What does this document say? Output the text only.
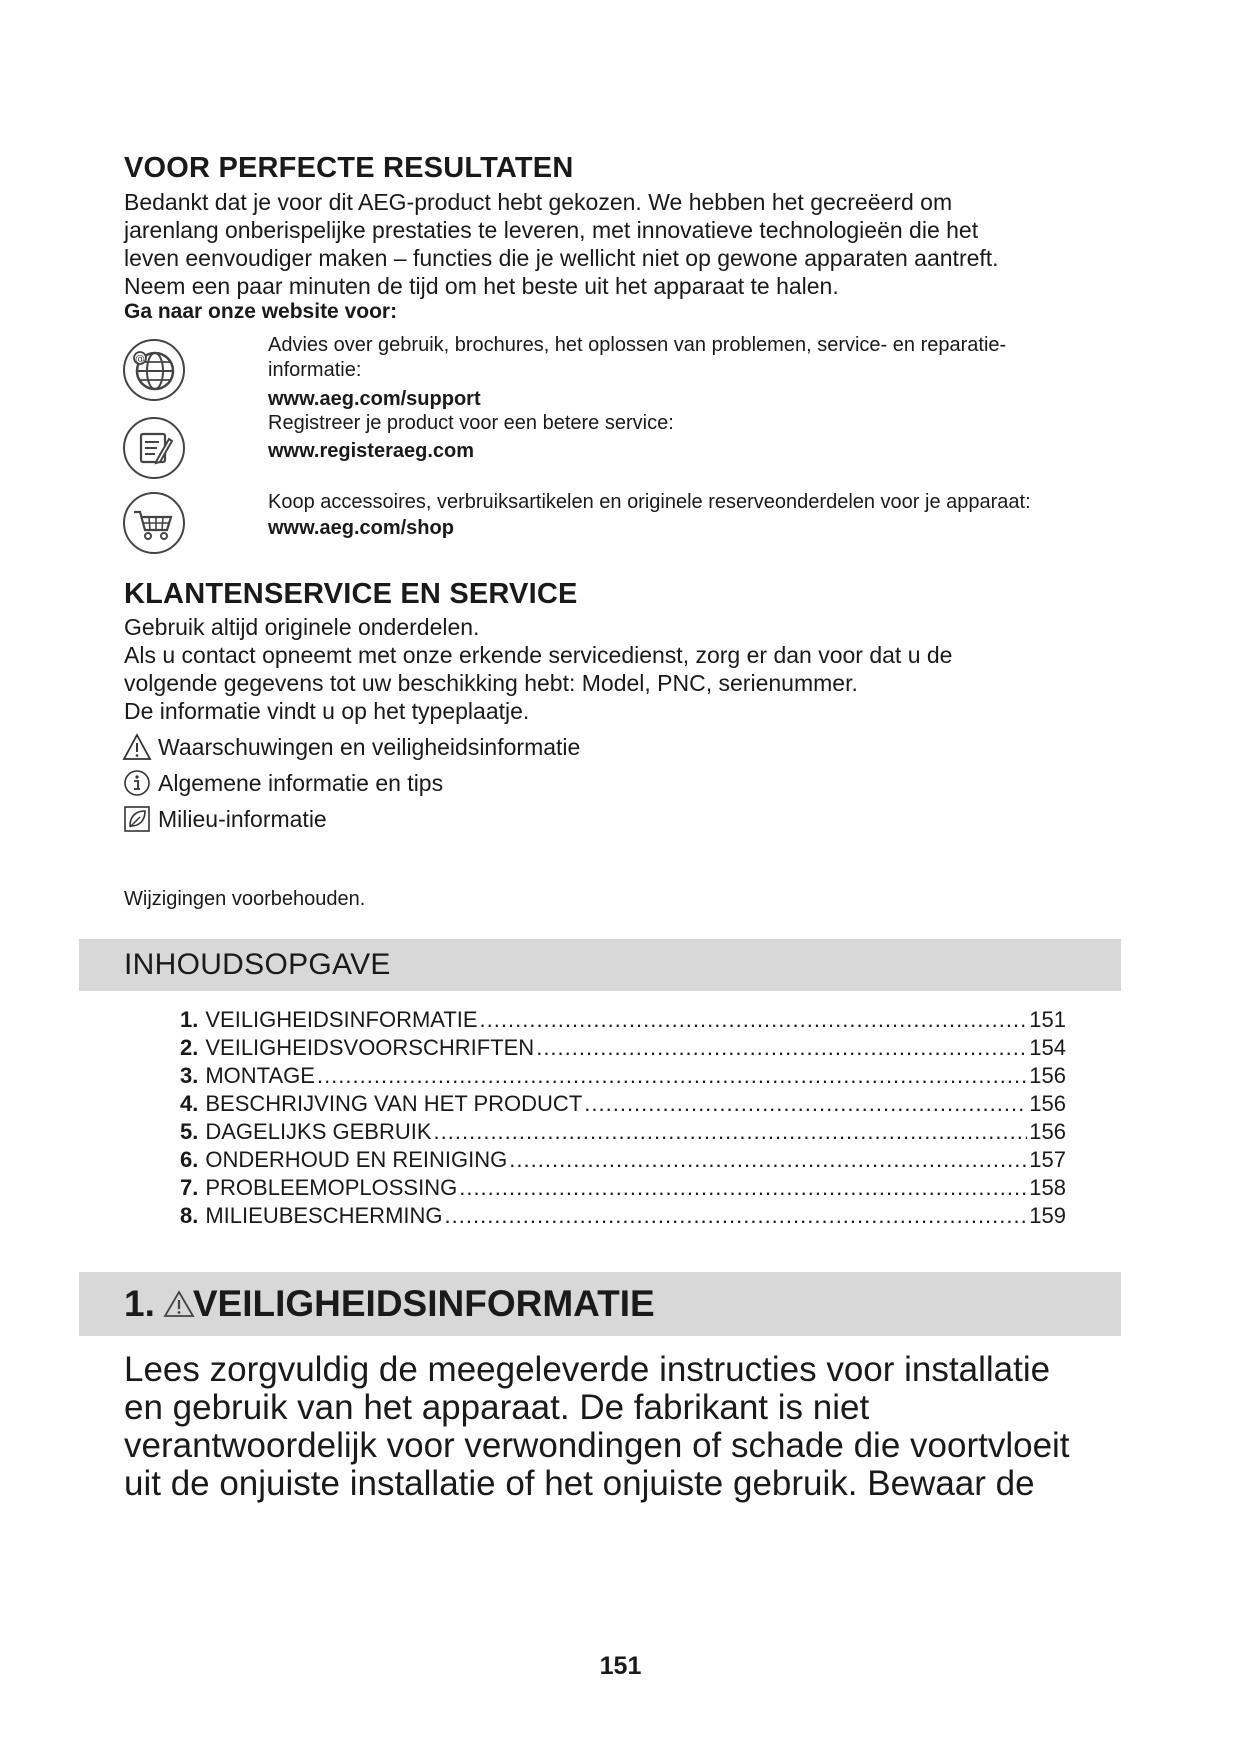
VOOR PERFECTE RESULTATEN
Bedankt dat je voor dit AEG-product hebt gekozen. We hebben het gecreëerd om
jarenlang onberispelijke prestaties te leveren, met innovatieve technologieën die het
leven eenvoudiger maken – functies die je wellicht niet op gewone apparaten aantreft.
Neem een paar minuten de tijd om het beste uit het apparaat te halen.
Ga naar onze website voor:
@
Advies over gebruik, brochures, het oplossen van problemen, service- en reparatie-
informatie:
www.aeg.com/support
Registreer je product voor een betere service:
www.registeraeg.com
Koop accessoires, verbruiksartikelen en originele reserveonderdelen voor je apparaat:
www.aeg.com/shop
KLANTENSERVICE EN SERVICE
Gebruik altijd originele onderdelen.
Als u contact opneemt met onze erkende servicedienst, zorg er dan voor dat u de
volgende gegevens tot uw beschikking hebt: Model, PNC, serienummer.
De informatie vindt u op het typeplaatje.
Waarschuwingen en veiligheidsinformatie
Algemene informatie en tips
Milieu-informatie
Wijzigingen voorbehouden.
INHOUDSOPGAVE
1. VEILIGHEIDSINFORMATIE .....	151
2. VEILIGHEIDSVOORSCHRIFTEN .....	154
3. MONTAGE .....	156
4. BESCHRIJVING VAN HET PRODUCT .....	156
5. DAGELIJKS GEBRUIK .....	156
6. ONDERHOUD EN REINIGING .....	157
7. PROBLEEMOPLOSSING .....	158
8. MILIEUBESCHERMING .....	159
1. VEILIGHEIDSINFORMATIE
Lees zorgvuldig de meegeleverde instructies voor installatie
en gebruik van het apparaat. De fabrikant is niet
verantwoordelijk voor verwondingen of schade die voortvloeit
uit de onjuiste installatie of het onjuiste gebruik. Bewaar de
151
